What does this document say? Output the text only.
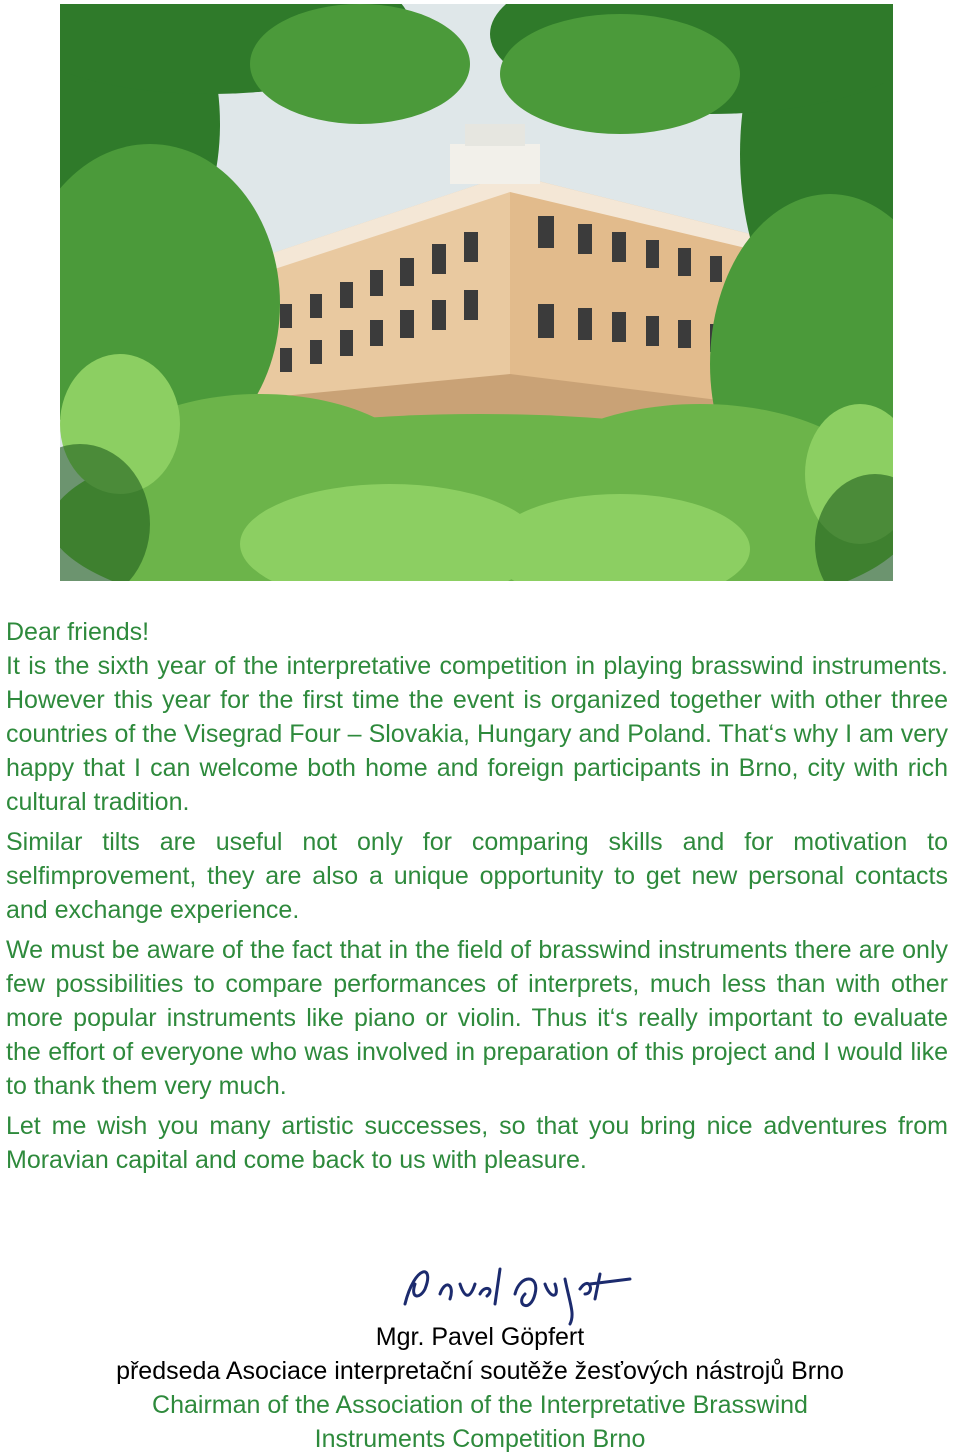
Dear friends!

It is the sixth year of the interpretative competition in playing brasswind instruments. However this year for the first time the event is organized together with other three countries of the Visegrad Four – Slovakia, Hungary and Poland. That‘s why I am very happy that I can welcome both home and foreign participants in Brno, city with rich cultural tradition.

Similar tilts are useful not only for comparing skills and for motivation to selfimprovement, they are also a unique opportunity to get new personal contacts and exchange experience.

We must be aware of the fact that in the field of brasswind instruments there are only few possibilities to compare performances of interprets, much less than with other more popular instruments like piano or violin. Thus it‘s really important to evaluate the effort of everyone who was involved in preparation of this project and I would like to thank them very much.

Let me wish you many artistic successes, so that you bring nice adventures from Moravian capital and come back to us with pleasure.

Mgr. Pavel Göpfert
předseda Asociace interpretační soutěže žesťových nástrojů Brno
Chairman of the Association of the Interpretative Brasswind
Instruments Competition Brno
